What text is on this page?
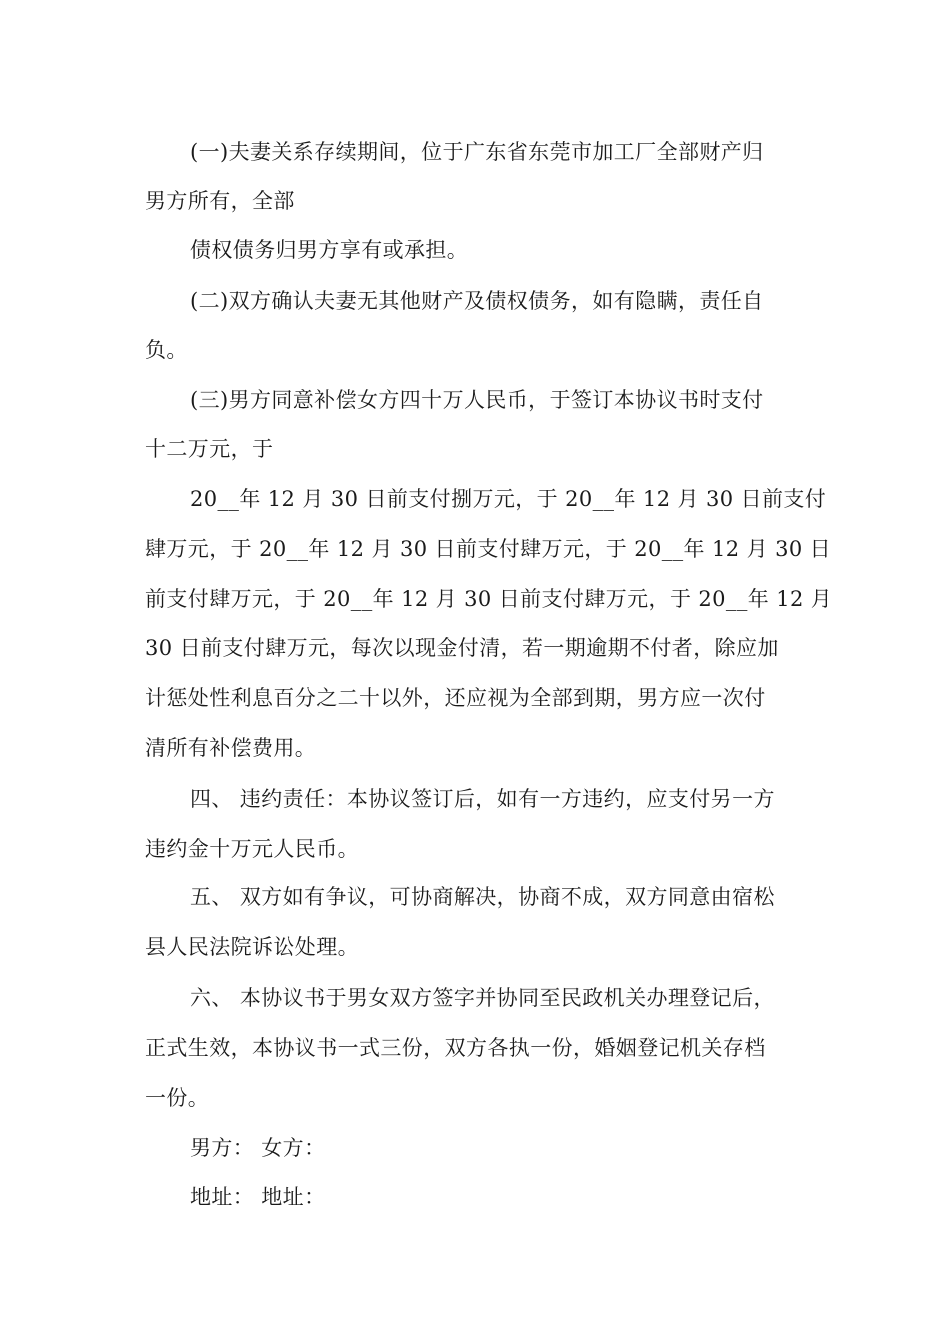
(一)夫妻关系存续期间，位于广东省东莞市加工厂全部财产归
男方所有，全部
债权债务归男方享有或承担。
(二)双方确认夫妻无其他财产及债权债务，如有隐瞒，责任自
负。
(三)男方同意补偿女方四十万人民币，于签订本协议书时支付
十二万元，于
20__年 12 月 30 日前支付捌万元，于 20__年 12 月 30 日前支付
肆万元，于 20__年 12 月 30 日前支付肆万元，于 20__年 12 月 30 日
前支付肆万元，于 20__年 12 月 30 日前支付肆万元，于 20__年 12 月
30 日前支付肆万元，每次以现金付清，若一期逾期不付者，除应加
计惩处性利息百分之二十以外，还应视为全部到期，男方应一次付
清所有补偿费用。
四、 违约责任：本协议签订后，如有一方违约，应支付另一方
违约金十万元人民币。
五、 双方如有争议，可协商解决，协商不成，双方同意由宿松
县人民法院诉讼处理。
六、 本协议书于男女双方签字并协同至民政机关办理登记后，
正式生效，本协议书一式三份，双方各执一份，婚姻登记机关存档
一份。
男方： 女方：
地址： 地址：
